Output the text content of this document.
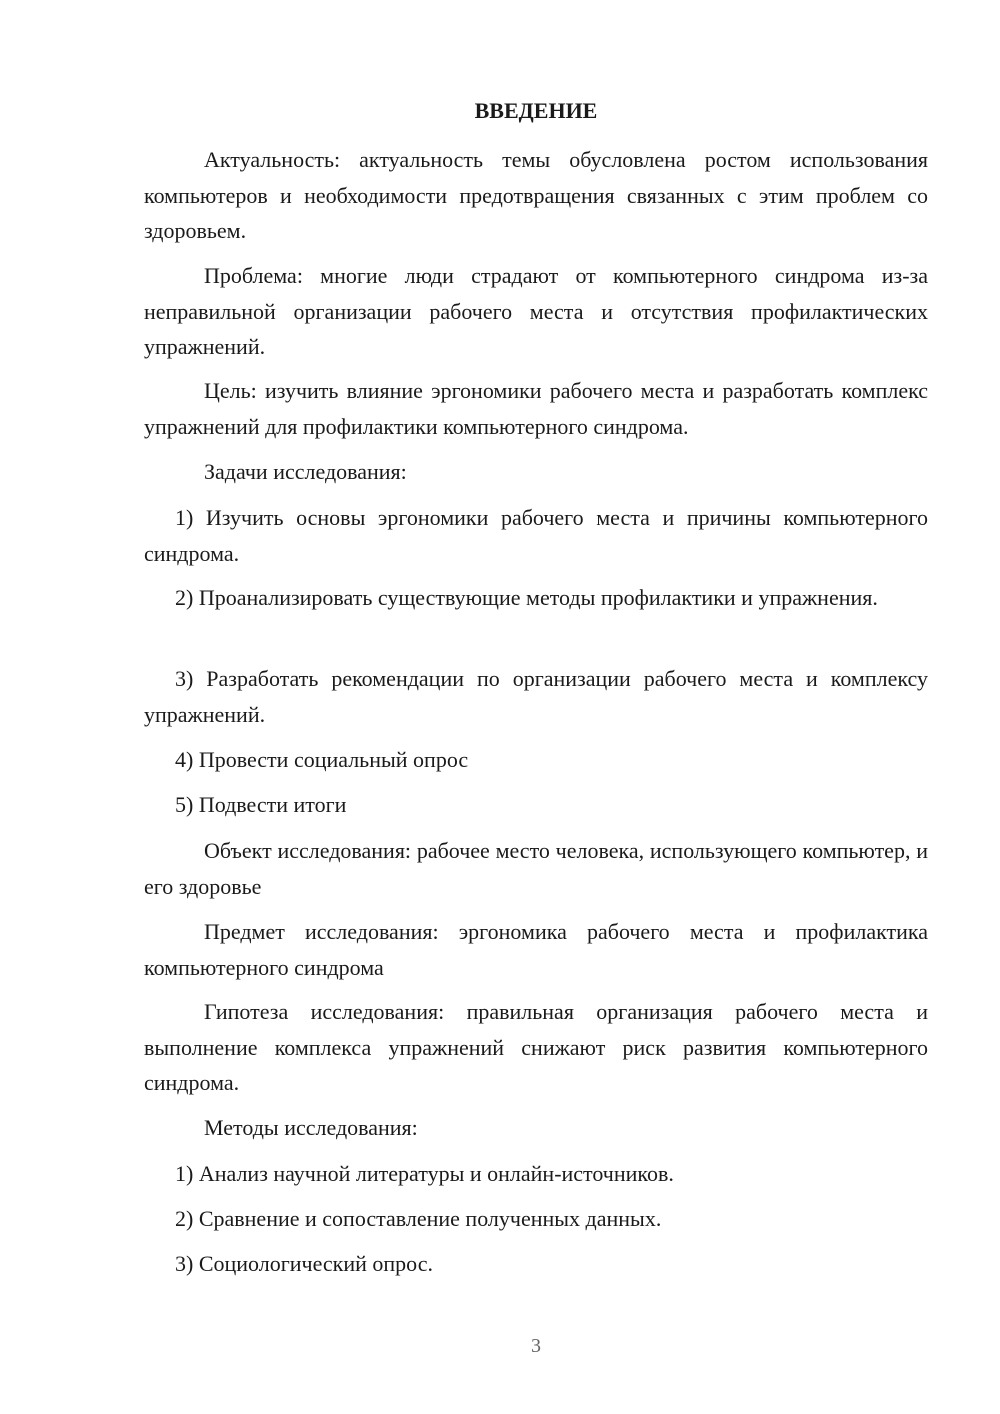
ВВЕДЕНИЕ

Актуальность: актуальность темы обусловлена ростом использования компьютеров и необходимости предотвращения связанных с этим проблем со здоровьем.

Проблема: многие люди страдают от компьютерного синдрома из-за неправильной организации рабочего места и отсутствия профилактических упражнений.

Цель: изучить влияние эргономики рабочего места и разработать комплекс упражнений для профилактики компьютерного синдрома.

Задачи исследования:

1) Изучить основы эргономики рабочего места и причины компьютерного синдрома.

2) Проанализировать существующие методы профилактики и упражнения.

3) Разработать рекомендации по организации рабочего места и комплексу упражнений.

4) Провести социальный опрос

5) Подвести итоги

Объект исследования: рабочее место человека, использующего компьютер, и его здоровье

Предмет исследования: эргономика рабочего места и профилактика компьютерного синдрома

Гипотеза исследования: правильная организация рабочего места и выполнение комплекса упражнений снижают риск развития компьютерного синдрома.

Методы исследования:

1) Анализ научной литературы и онлайн-источников.

2) Сравнение и сопоставление полученных данных.

3) Социологический опрос.

3
